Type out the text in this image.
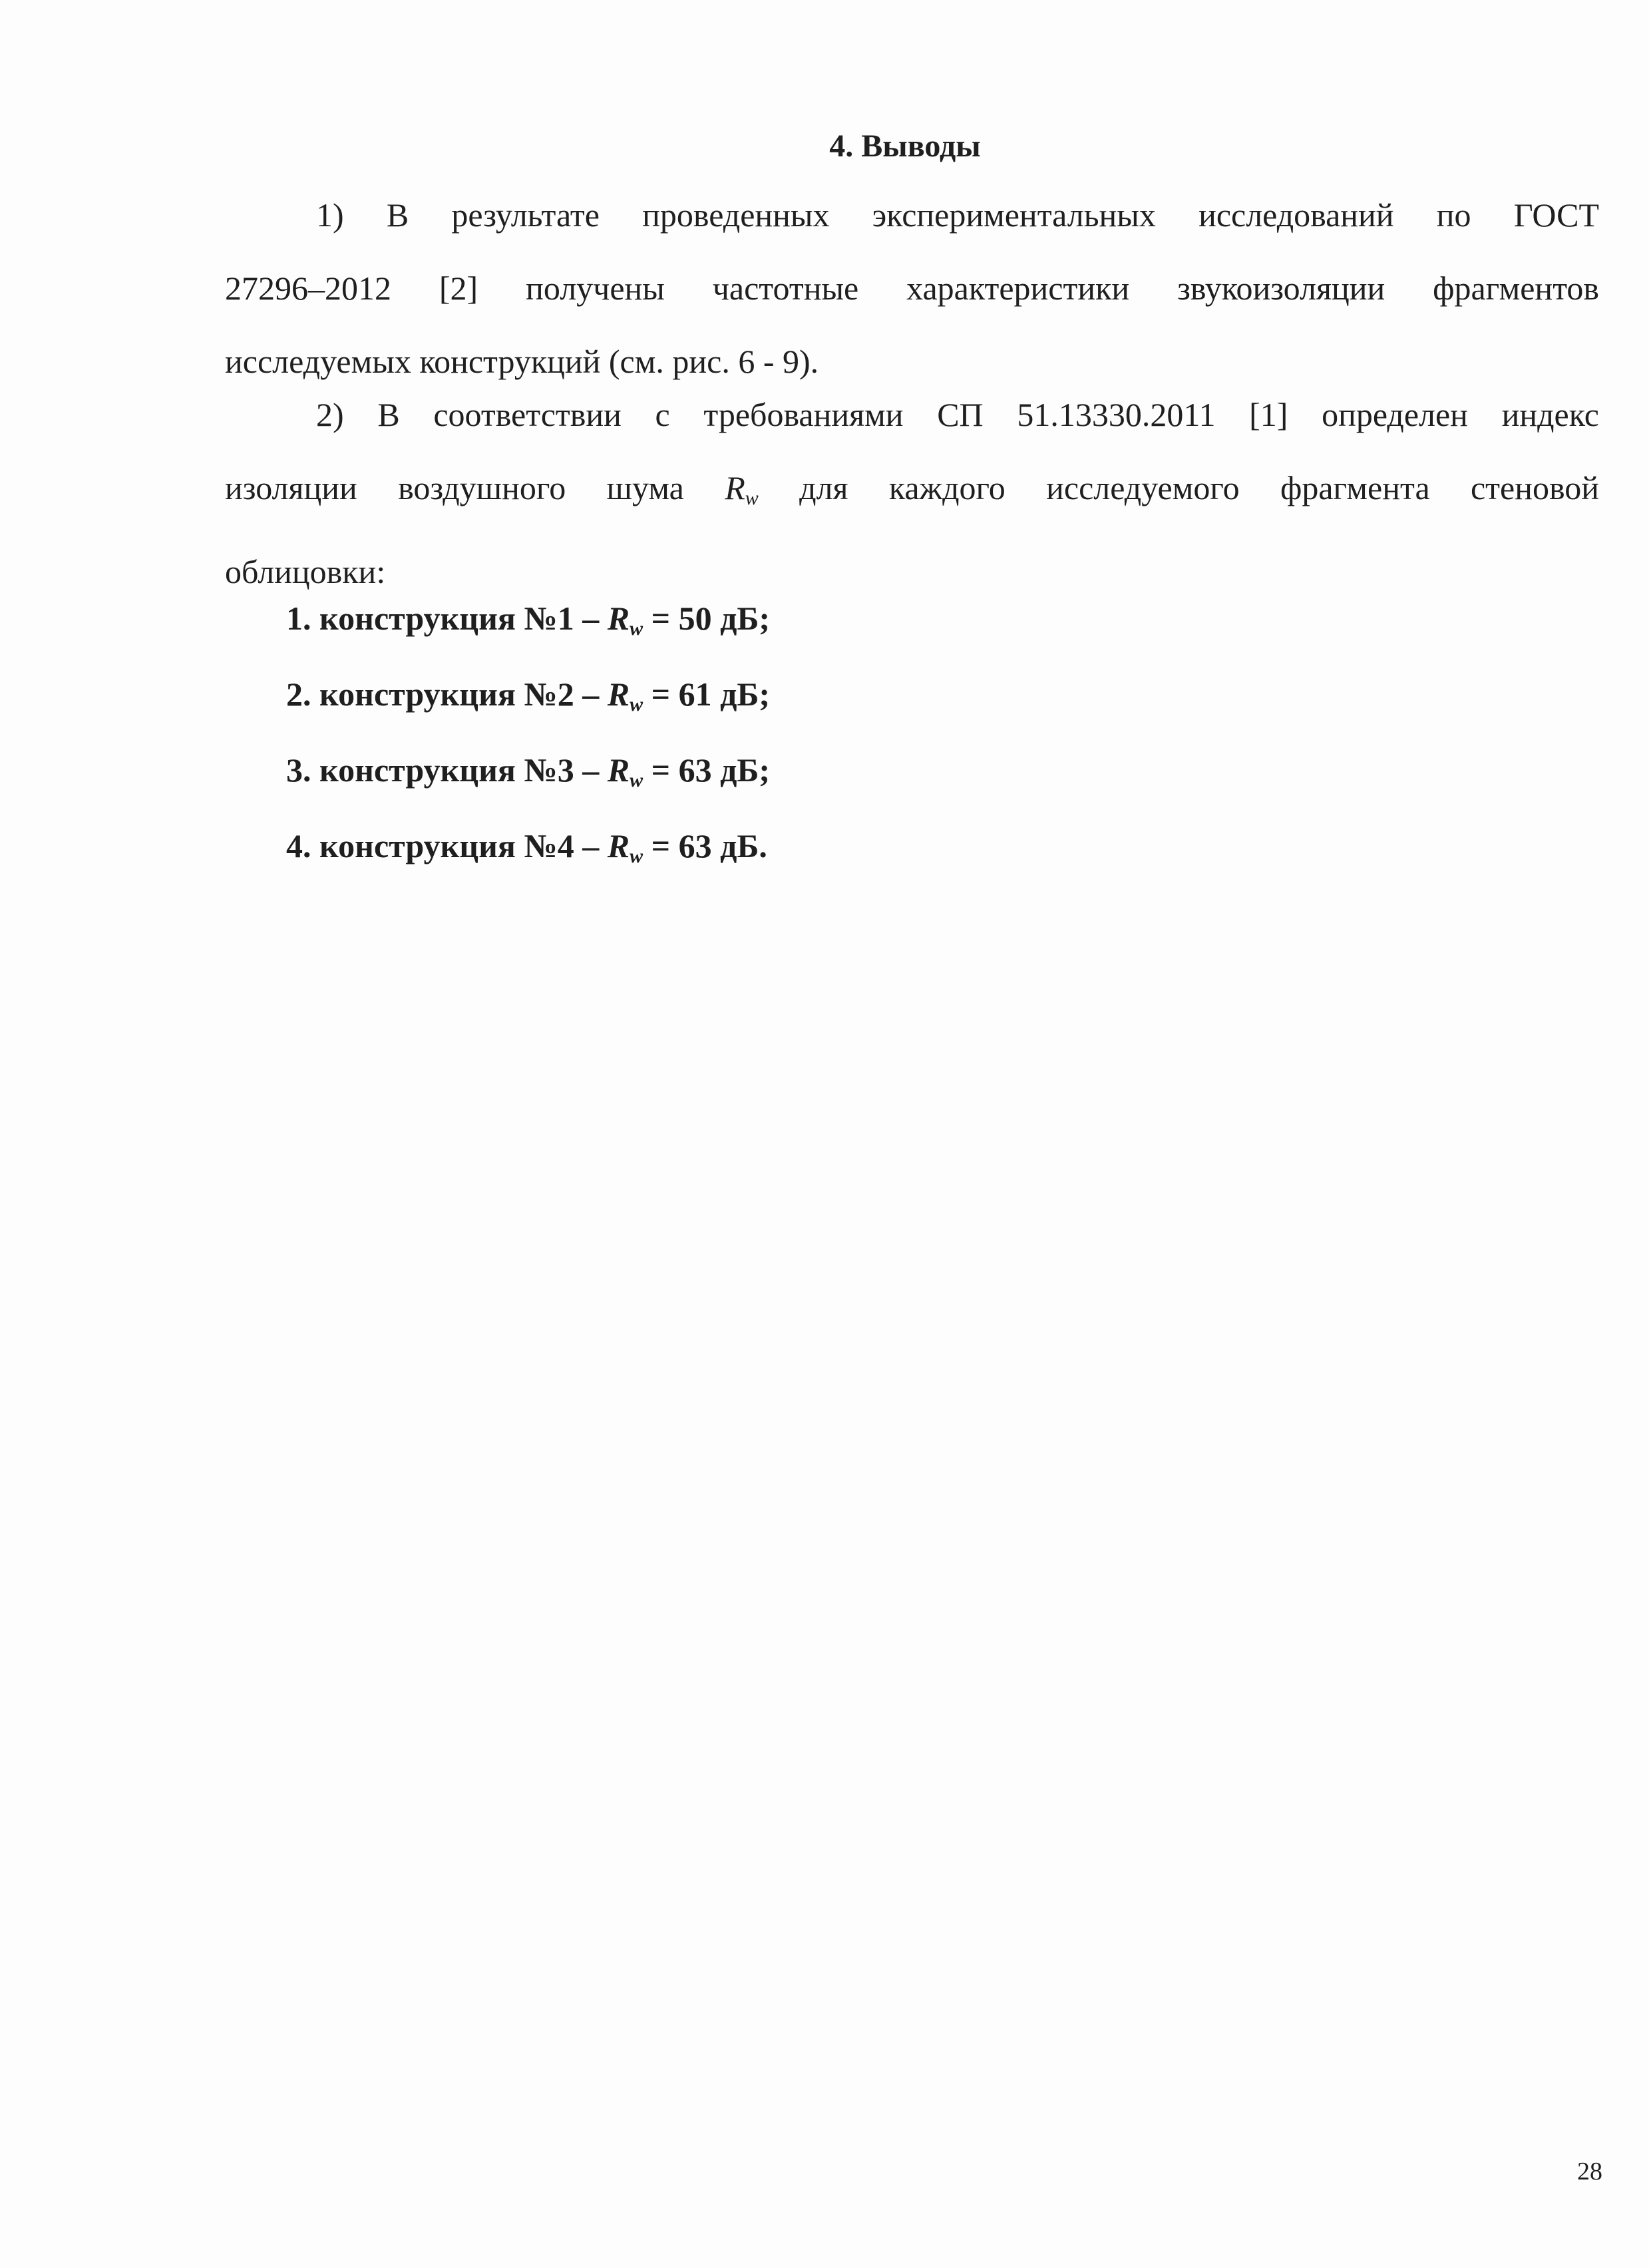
4. Выводы
1) В результате проведенных экспериментальных исследований по ГОСТ
27296–2012 [2] получены частотные характеристики звукоизоляции фрагментов
исследуемых конструкций (см. рис. 6 - 9).
2) В соответствии с требованиями СП 51.13330.2011 [1] определен индекс
изоляции воздушного шума $R_w$ для каждого исследуемого фрагмента стеновой
облицовки:
1. конструкция №1 – $R_w = 50$ дБ;
2. конструкция №2 – $R_w = 61$ дБ;
3. конструкция №3 – $R_w = 63$ дБ;
4. конструкция №4 – $R_w = 63$ дБ.
28
